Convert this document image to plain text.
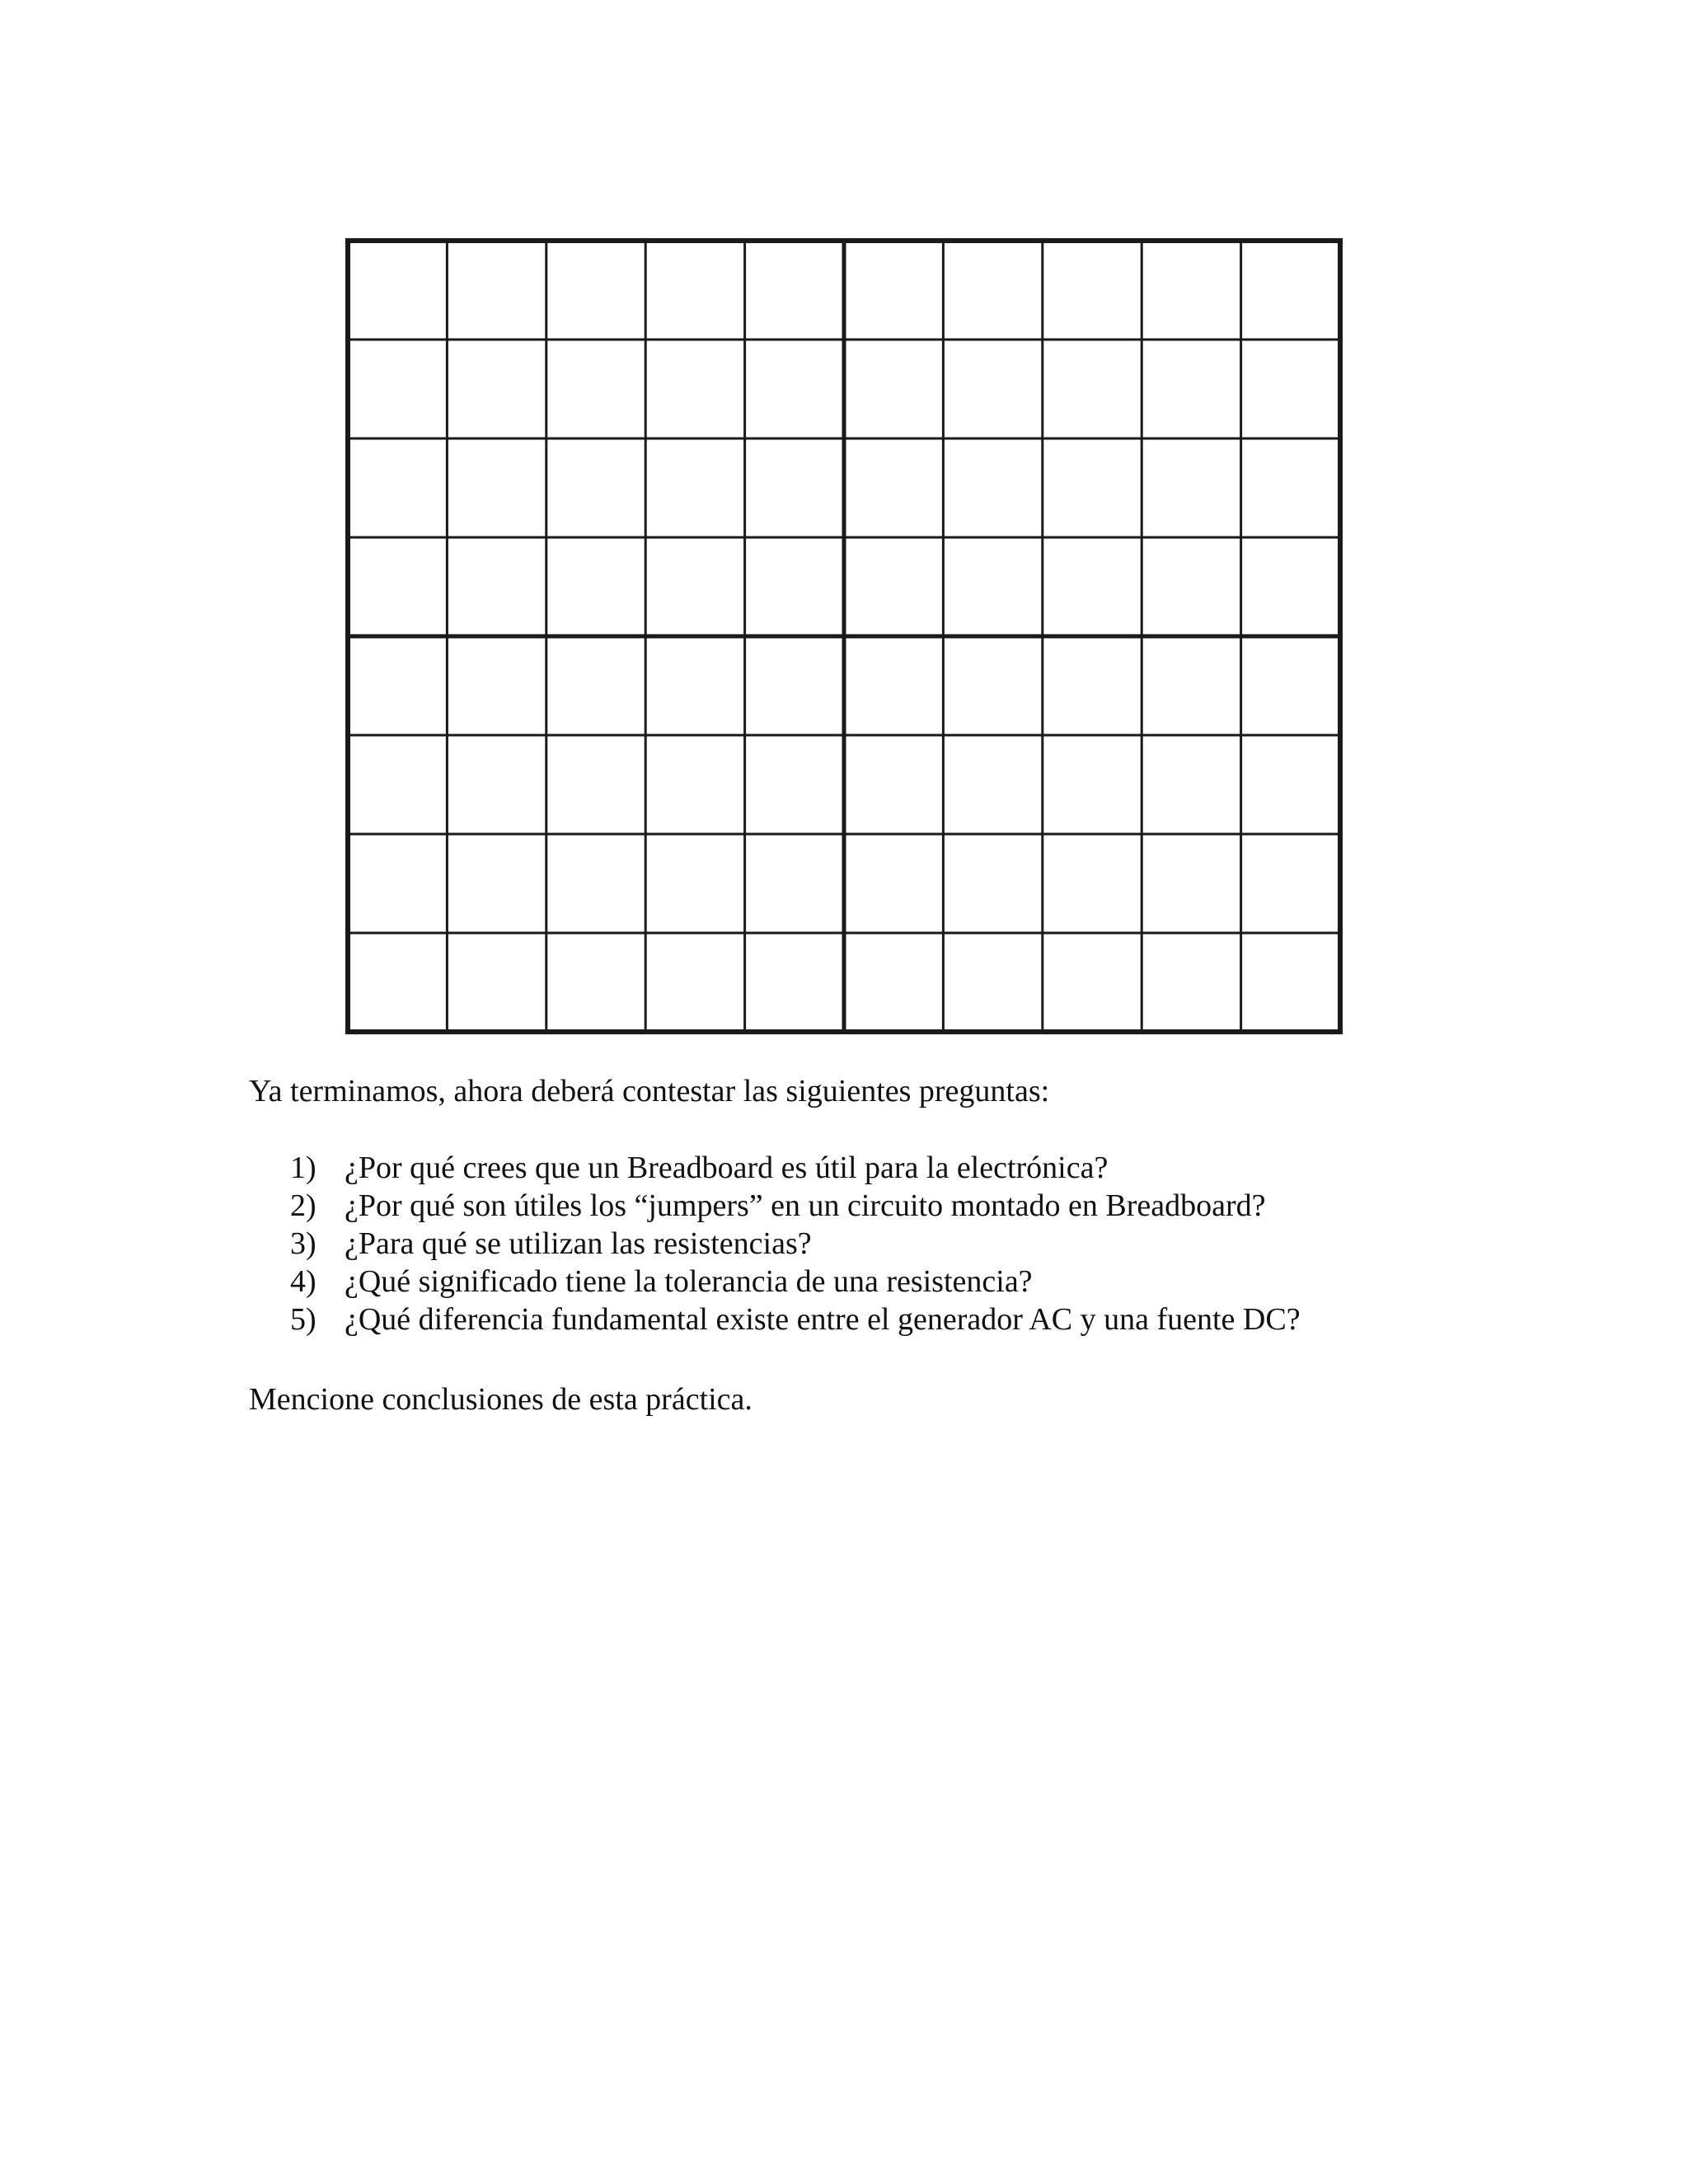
Ya terminamos, ahora deberá contestar las siguientes preguntas:

1) ¿Por qué crees que un Breadboard es útil para la electrónica?
2) ¿Por qué son útiles los “jumpers” en un circuito montado en Breadboard?
3) ¿Para qué se utilizan las resistencias?
4) ¿Qué significado tiene la tolerancia de una resistencia?
5) ¿Qué diferencia fundamental existe entre el generador AC y una fuente DC?

Mencione conclusiones de esta práctica.
